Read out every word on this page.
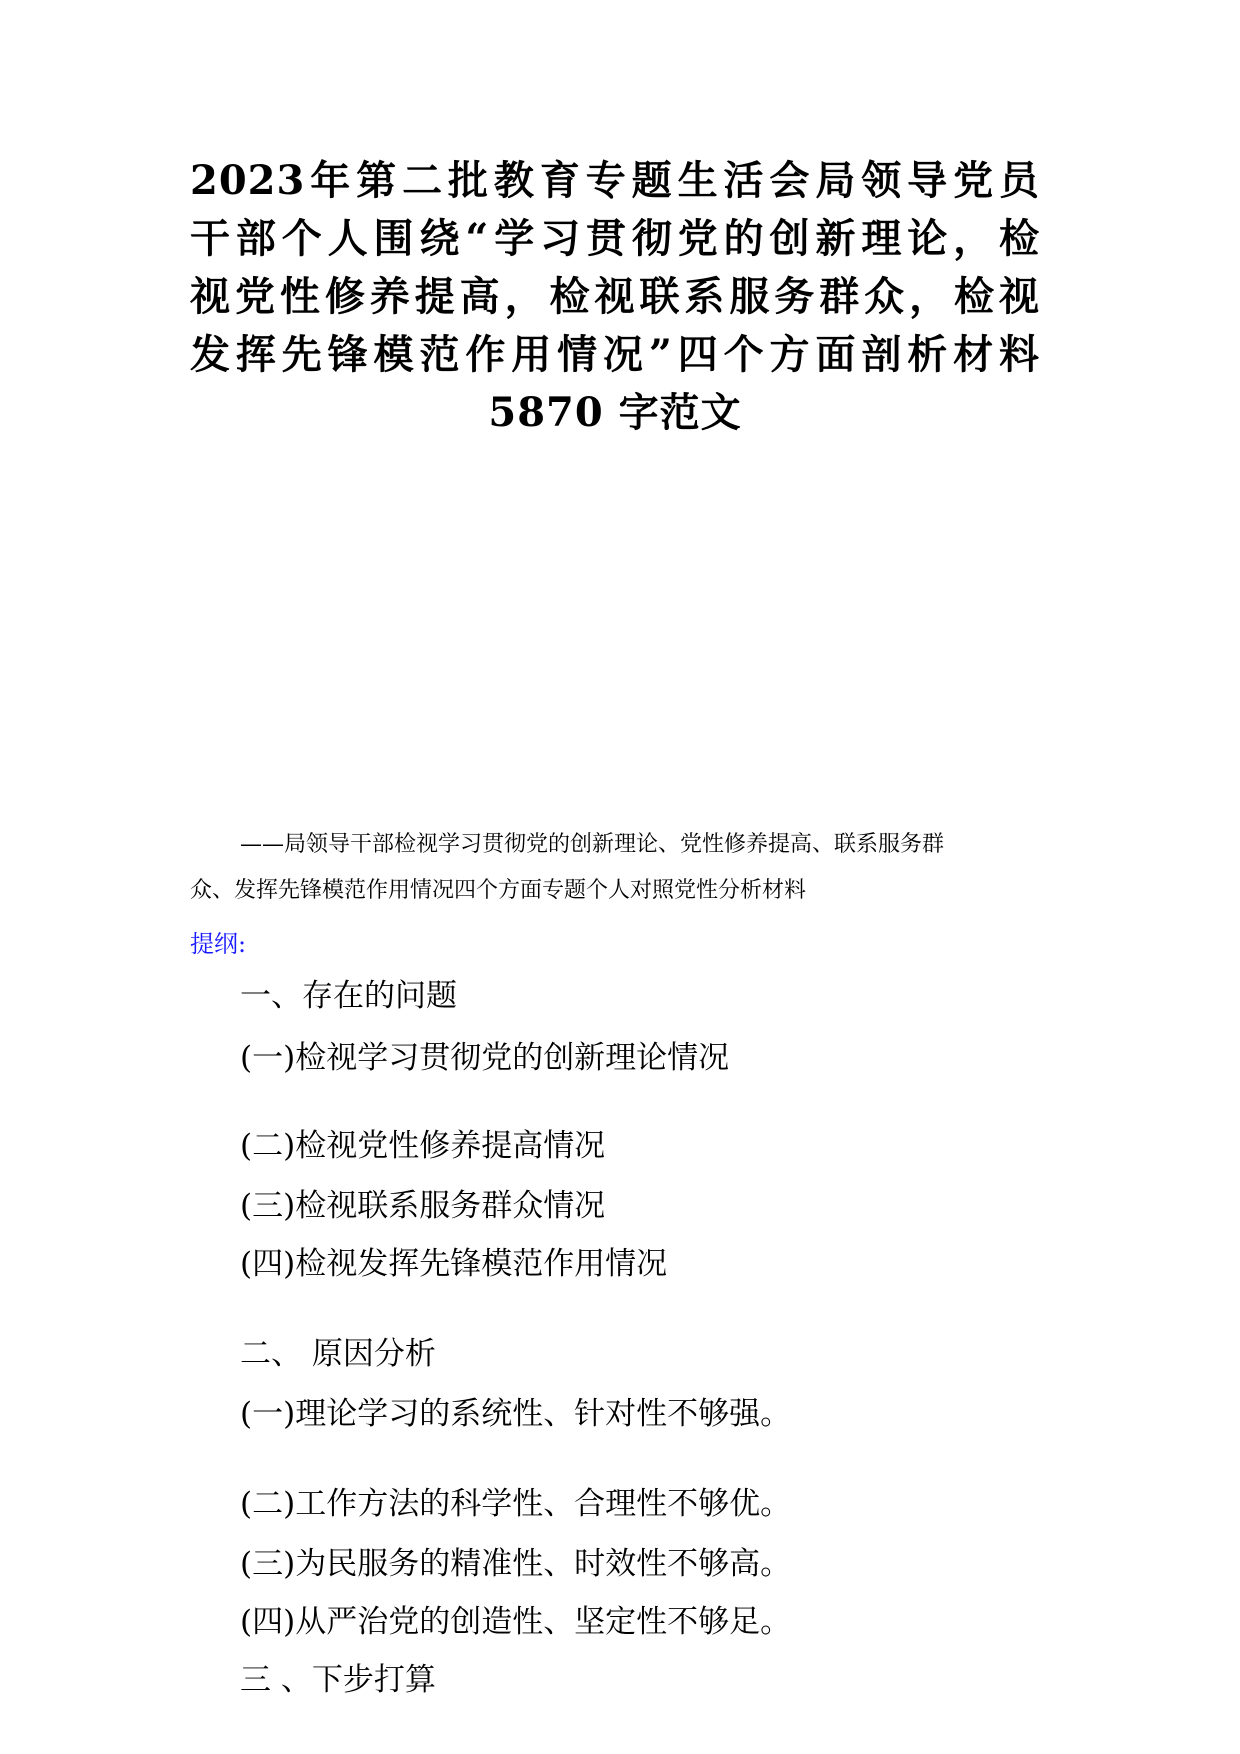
2023年第二批教育专题生活会局领导党员
干部个人围绕“学习贯彻党的创新理论，检
视党性修养提高，检视联系服务群众，检视
发挥先锋模范作用情况”四个方面剖析材料
5870 字范文
——局领导干部检视学习贯彻党的创新理论、党性修养提高、联系服务群
众、发挥先锋模范作用情况四个方面专题个人对照党性分析材料
提纲:
一、存在的问题
(一)检视学习贯彻党的创新理论情况
(二)检视党性修养提高情况
(三)检视联系服务群众情况
(四)检视发挥先锋模范作用情况
二、 原因分析
(一)理论学习的系统性、针对性不够强。
(二)工作方法的科学性、合理性不够优。
(三)为民服务的精准性、时效性不够高。
(四)从严治党的创造性、坚定性不够足。
三 、下步打算
